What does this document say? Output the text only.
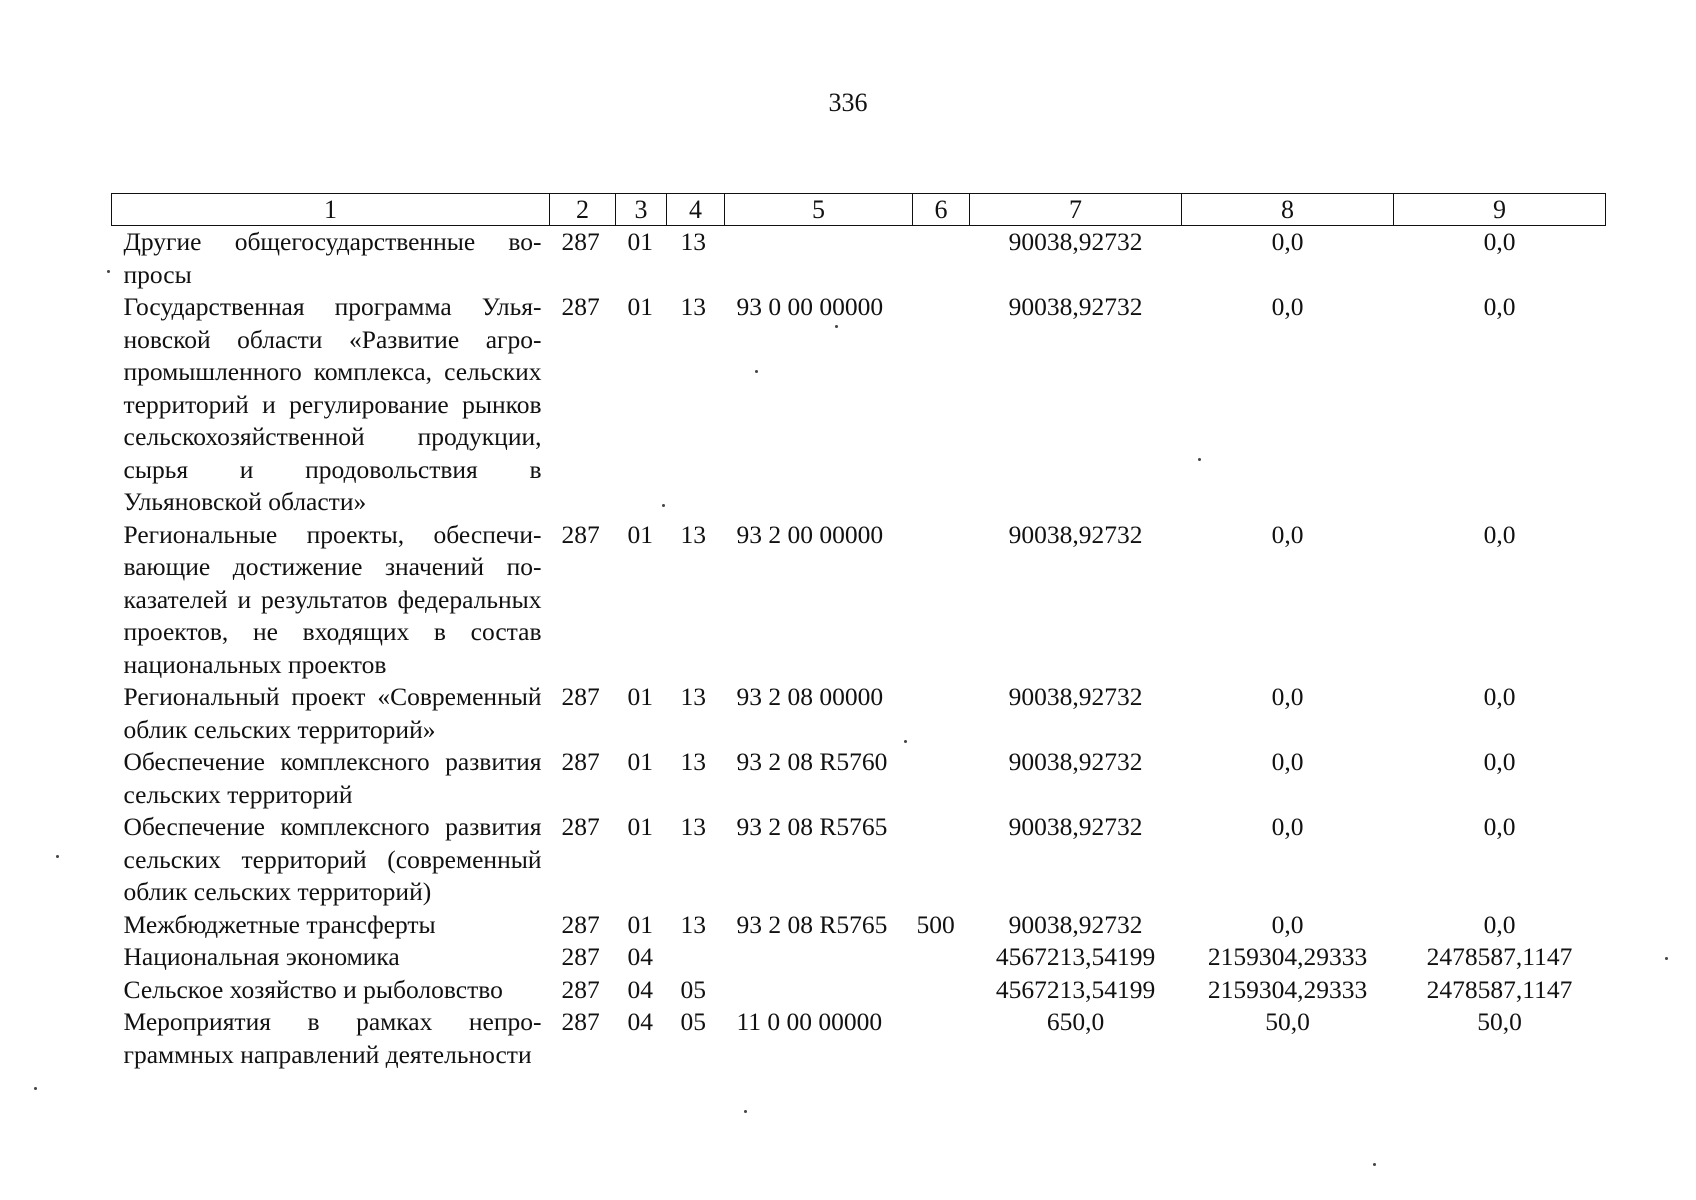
336
1	2	3	4	5	6	7	8	9
Другие общегосударственные вопросы	287	01	13			90038,92732	0,0	0,0
Государственная программа Ульяновской области «Развитие агропромышленного комплекса, сельских территорий и регулирование рынков сельскохозяйственной продукции, сырья и продовольствия в Ульяновской области»	287	01	13	93 0 00 00000		90038,92732	0,0	0,0
Региональные проекты, обеспечивающие достижение значений показателей и результатов федеральных проектов, не входящих в состав национальных проектов	287	01	13	93 2 00 00000		90038,92732	0,0	0,0
Региональный проект «Современный облик сельских территорий»	287	01	13	93 2 08 00000		90038,92732	0,0	0,0
Обеспечение комплексного развития сельских территорий	287	01	13	93 2 08 R5760		90038,92732	0,0	0,0
Обеспечение комплексного развития сельских территорий (современный облик сельских территорий)	287	01	13	93 2 08 R5765		90038,92732	0,0	0,0
Межбюджетные трансферты	287	01	13	93 2 08 R5765	500	90038,92732	0,0	0,0
Национальная экономика	287	04				4567213,54199	2159304,29333	2478587,1147
Сельское хозяйство и рыболовство	287	04	05			4567213,54199	2159304,29333	2478587,1147
Мероприятия в рамках непрограммных направлений деятельности	287	04	05	11 0 00 00000		650,0	50,0	50,0
